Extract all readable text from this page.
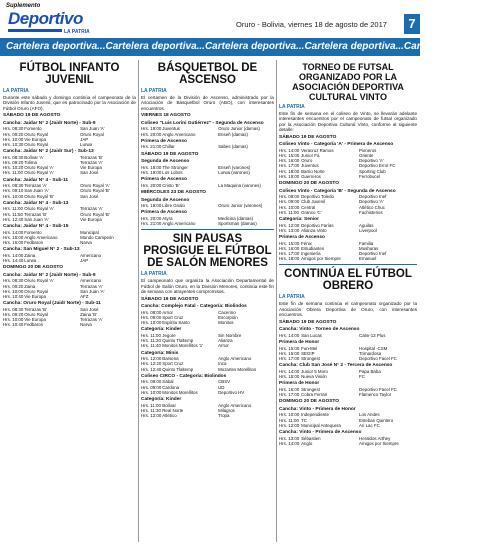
Suplemento
Deportivo
LA PATRIA
Oruro - Bolivia, viernes 18 de agosto de 2017	7
Cartelera deportiva...Cartelera deportiva...Cartelera deportiva...Cartelera deportiva...Cartelera deportiva...
FÚTBOL INFANTO JUVENIL
LA PATRIA
Durante este sábado y domingo continúa el campeonato de la División Infanto Juvenil, que es patrocinado por la Asociación de Fútbol Oruro (AFO).
SÁBADO 19 DE AGOSTO
Cancha: Jaidar N° 2 (Jaidr Norte) - Sub-9
Hrs. 08:30 Fomento	San Juan 'A'
Hrs. 09:20 Oruro Royal	Oruro Royal
Hrs. 10:00 Vie Europa	JAP
Hrs. 10:30 Oruro Royal	Lurwa
Cancha: Jaidar N° 2 (Jaidr Sur) - Sub-13
Hrs. 08:30 Bolívar 'A'	Terrazas 'B'
Hrs. 09:20 Tolima	Terrazas 'A'
Hrs. 10:20 Oruro Royal 'A'	Vie Europa
Hrs. 11:00 Oruro Royal 'A'	San José
Cancha: Jaidar N° 4 - Sub-11
Hrs. 08:30 Terrazas 'A'	Oruro Royal 'A'
Hrs. 09:10 San Juan 'A'	Oruro Royal 'B'
Hrs. 10:00 Oruro Royal 'B'	San José
Cancha: Jaidar N° 4 - Sub-13
Hrs. 11:00 Oruro Royal 'A'	Terrazas 'A'
Hrs. 11:50 Terrazas 'B'	Oruro Royal 'B'
Hrs. 12:40 San Juan 'A'	Vie Europa
Cancha: Jaidar N° 4 - Sub-15
Hrs. 14:00 Fomento	Municipal
Hrs. 15:00 Anglo Americano	Mundo Campeón
Hrs. 16:00 Fedbaron	Narva
Cancha: San Miguel N° 2 - Sub-13
Hrs. 14:00 Zaina	Americano
Hrs. 14:40 Lurwa	JAP
DOMINGO 20 DE AGOSTO
Cancha: Jaidar N° 2 (Jaidr Norte) - Sub-9
Hrs. 08:30 Oruro Royal 'A'	Americano
Hrs. 09:20 Zaina	Terrazas 'A'
Hrs. 10:00 Oruro Royal	San Juan 'A'
Hrs. 10:40 Vie Europa	AFZ
Cancha: Oruro Royal (Jaidr Norte) - Sub-11
Hrs. 08:30 Terrazas 'B'	San José
Hrs. 09:20 Oruro Royal	Zaina 'B'
Hrs. 10:00 Vie Europa	Terrazas 'A'
Hrs. 10:40 Fedbaron	Narva
BÁSQUETBOL DE ASCENSO
LA PATRIA
El certamen de la División de Ascenso, administrado por la Asociación de Básquetbol Oruro (ABO), con interesantes encuentros.
VIERNES 18 AGOSTO
Coliseo "Luis Lorini Gutiérrez" - Segunda de Ascenso
Hrs. 19:00 Juventus	Oruro Junior (damas)
Hrs. 20:00 Anglo Americano	Enseñ (damas)
Primera de Ascenso
Hrs. 21:00 Chillar	Sabes (damas)
SÁBADO 19 DE AGOSTO
Segunda de Ascenso
Hrs. 18:00 The Stronger	Enseñ (varones)
Hrs. 19:00 Los Lobos	Lurwa (varones)
Primera de Ascenso
Hrs. 20:00 Cristo 'B'	La Maquina (varones)
MIÉRCOLES 23 DE AGOSTO
Segunda de Ascenso
Hrs. 19:00 Libre Gnalo	Oruro Junior (varones)
Primera de Ascenso
Hrs. 20:00 Atyra	Medicina (damas)
Hrs. 21:00 Anglo Americano	Sportsman (damas)
SIN PAUSAS PROSIGUE EL FÚTBOL DE SALÓN MENORES
LA PATRIA
El campeonato que organiza la Asociación Departamental de Fútbol de Salón Oruro, en la División Menores, continúa este fin de semana con atrayentes compromisos.
SÁBADO 19 DE AGOSTO
Cancha: Complejo Fatal - Categoría: Biolindos
Hrs. 08:00 Arnor	Cacerino
Hrs. 09:00 Sport Cruz	Escorpión
Hrs. 10:00 Espíritu Santo	Monitos
Categoría: Kinder
Hrs. 11:00 Jegore	Sin Nombre
Hrs. 11:20 Quinto Tlaltemp	Alianza
Hrs. 11:40 Monitos Morellitos '1'	Arnor
Categoría: Minis
Hrs. 12:00 Barsena	Anglo Americano
Hrs. 12:20 Sport Cruz	Inca
Hrs. 12:40 Quinto Tlaltemp	Mozartes Morellitos
Coliseo CIRCO - Categoría: Biolindos
Hrs. 08:00 Sabal	CBSV
Hrs. 09:00 Cardona	UD
Hrs. 10:00 Monitos Morellitos	Deportivo HV
Categoría: Kinder
Hrs. 11:00 Bolívar	Anglo Americano
Hrs. 11:30 Real Norte	Milagros
Hrs. 12:00 Atlético	Tropa
TORNEO DE FUTSAL ORGANIZADO POR LA ASOCIACIÓN DEPORTIVA CULTURAL VINTO
LA PATRIA
Este fin de semana en el coliseo de Vinto, se llevarán adelante interesantes encuentros por el campeonato de futsal organizado por la Asociación Deportiva Cultural Vinto, conforme al siguiente detalle:
SÁBADO 19 DE AGOSTO
Coliseo Vinto - Categoría 'A' - Primera de Ascenso
Hrs. 14:00 Veracruz Ramos	Pioneros
Hrs. 15:00 Junior Fa	Oriente
Hrs. 16:00 Oruro	Deportivo 'A'
Hrs. 17:00 Juventus	Deportivo Errol FC
Hrs. 18:00 Barrio Norte	Sporting Club
Hrs. 19:00 Guerreros	Ferrobucel
DOMINGO 20 DE AGOSTO
Coliseo Vinto - Categoría 'B' - Segunda de Ascenso
Hrs. 08:00 Deportivo Toledo	Deportivo Inef
Hrs. 09:00 Club Juvenil	Deportivo 'A'
Hrs. 10:00 Central	Atlético Chuc
Hrs. 11:00 Granco 'C'	Fachisterios
Categoría: Senior
Hrs. 12:00 Deportivo Farías	Aguilas
Hrs. 13:00 Alianza Vinto	Liverpool
Primera de Ascenso
Hrs. 15:00 Fénix	Familia
Hrs. 16:00 Estudiantes	Mushuras
Hrs. 17:00 Ingeniería	Deportivo Inef
Hrs. 18:00 Amigos por Siempre	Emanuel
CONTINÚA EL FÚTBOL OBRERO
LA PATRIA
Este fin de semana continúa el campeonato organizado por la Asociación Obrera Deportiva de Oruro, con interesantes encuentros.
SÁBADO 19 DE AGOSTO
Cancha: Vinto - Torneo de Ascenso
Hrs. 14:00 San Lucas	Calm-13 Plus
Primera de Honor
Hrs. 15:00 Fun-Mel	Hospital -CSM
Hrs. 16:00 SEGIP	Trimardosa
Hrs. 17:00 Strongest	Deportivo Facel FC
Cancha: Club San José N° 2 - Tercera de Ascenso
Hrs. 14:00 Junior 5 Moro	Papa Baba
Hrs. 15:00 Nueva Visión	FC
Primera de Honor
Hrs. 16:00 Strongest	Deportivo Facel FC
Hrs. 17:00 Cobra Ferrari	Flamenco Taylor
DOMINGO 20 DE AGOSTO
Cancha: Vinto - Primera de Honor
Hrs. 10:00 Independiente	Los Andes
Hrs. 11:00 TC	Esteban Quintero
Hrs. 12:00 Municipal Antequera	Ari Lac FC
Cancha: Vinto - Primera de Ascenso
Hrs. 13:00 Sébastien	Heraldos Arthey
Hrs. 14:00 Anglo	Amigos por Siempre
